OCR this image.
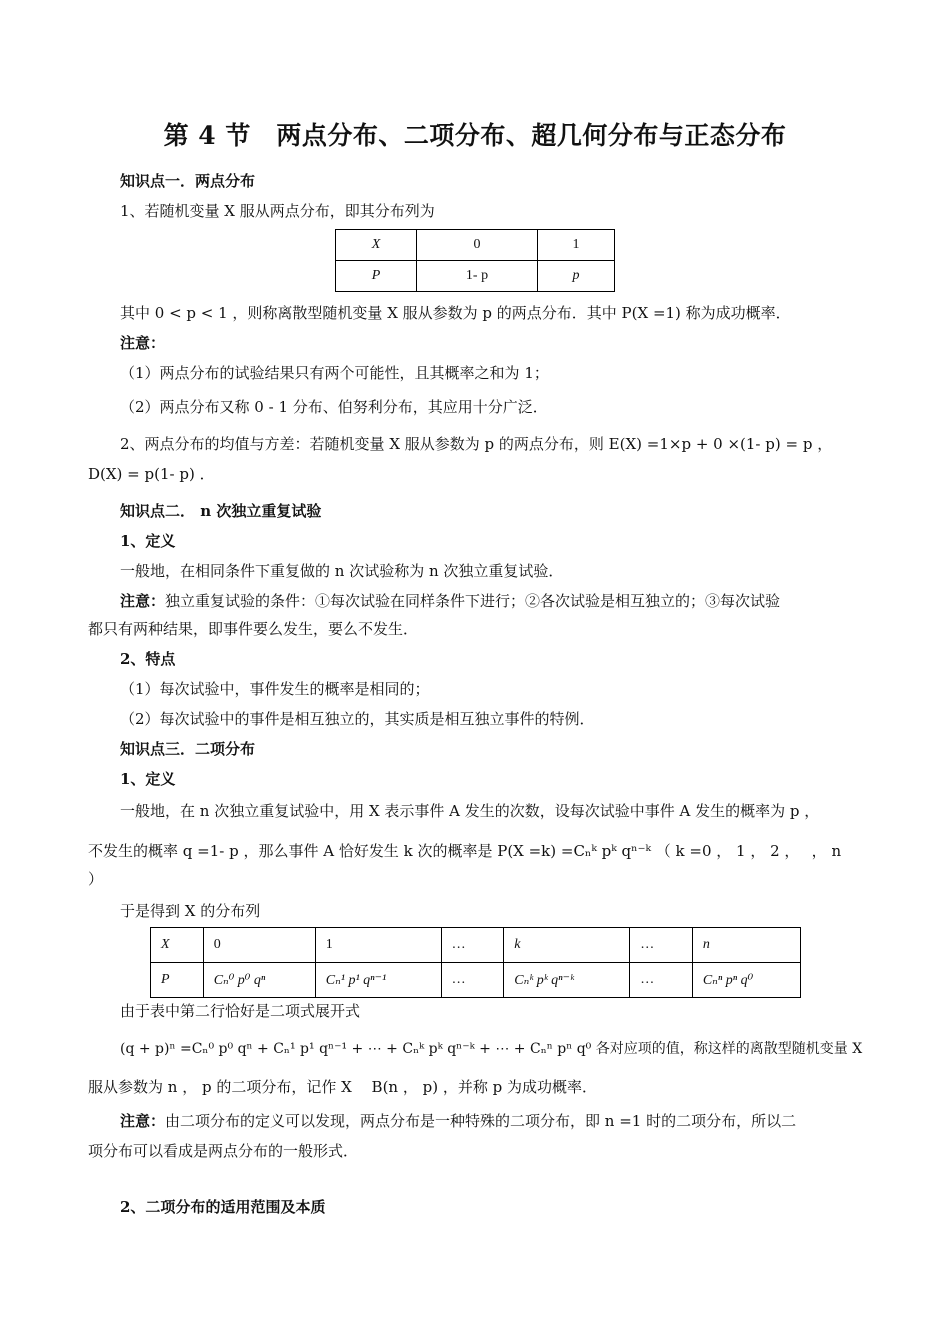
第 4 节　两点分布、二项分布、超几何分布与正态分布
知识点一．两点分布
1、若随机变量 X 服从两点分布，即其分布列为
X	0	1
P	1- p	p
其中 0 < p < 1 ，则称离散型随机变量 X 服从参数为 p 的两点分布．其中 P(X =1) 称为成功概率．
注意：
（1）两点分布的试验结果只有两个可能性，且其概率之和为 1；
（2）两点分布又称 0 - 1 分布、伯努利分布，其应用十分广泛．
2、两点分布的均值与方差：若随机变量 X 服从参数为 p 的两点分布，则 E(X) =1×p + 0 ×(1- p) = p ，
D(X) = p(1- p) ．
知识点二． n 次独立重复试验
1、定义
一般地，在相同条件下重复做的 n 次试验称为 n 次独立重复试验．
注意：独立重复试验的条件：①每次试验在同样条件下进行；②各次试验是相互独立的；③每次试验
都只有两种结果，即事件要么发生，要么不发生．
2、特点
（1）每次试验中，事件发生的概率是相同的；
（2）每次试验中的事件是相互独立的，其实质是相互独立事件的特例．
知识点三．二项分布
1、定义
一般地，在 n 次独立重复试验中，用 X 表示事件 A 发生的次数，设每次试验中事件 A 发生的概率为 p ，
不发生的概率 q =1- p ，那么事件 A 恰好发生 k 次的概率是 P(X =k) =Cₙᵏ pᵏ qⁿ⁻ᵏ （ k =0 ， 1 ， 2 ，　 ， n
）
于是得到 X 的分布列
X	0	1	…	k	…	n
P	Cₙ⁰ p⁰ qⁿ	Cₙ¹ p¹ qⁿ⁻¹	…	Cₙᵏ pᵏ qⁿ⁻ᵏ	…	Cₙⁿ pⁿ q⁰
由于表中第二行恰好是二项式展开式
(q + p)ⁿ =Cₙ⁰ p⁰ qⁿ + Cₙ¹ p¹ qⁿ⁻¹ + ⋯ + Cₙᵏ pᵏ qⁿ⁻ᵏ + ⋯ + Cₙⁿ pⁿ q⁰ 各对应项的值，称这样的离散型随机变量 X
服从参数为 n ， p 的二项分布，记作 X 　B(n ， p) ，并称 p 为成功概率．
注意：由二项分布的定义可以发现，两点分布是一种特殊的二项分布，即 n =1 时的二项分布，所以二
项分布可以看成是两点分布的一般形式．
2、二项分布的适用范围及本质
